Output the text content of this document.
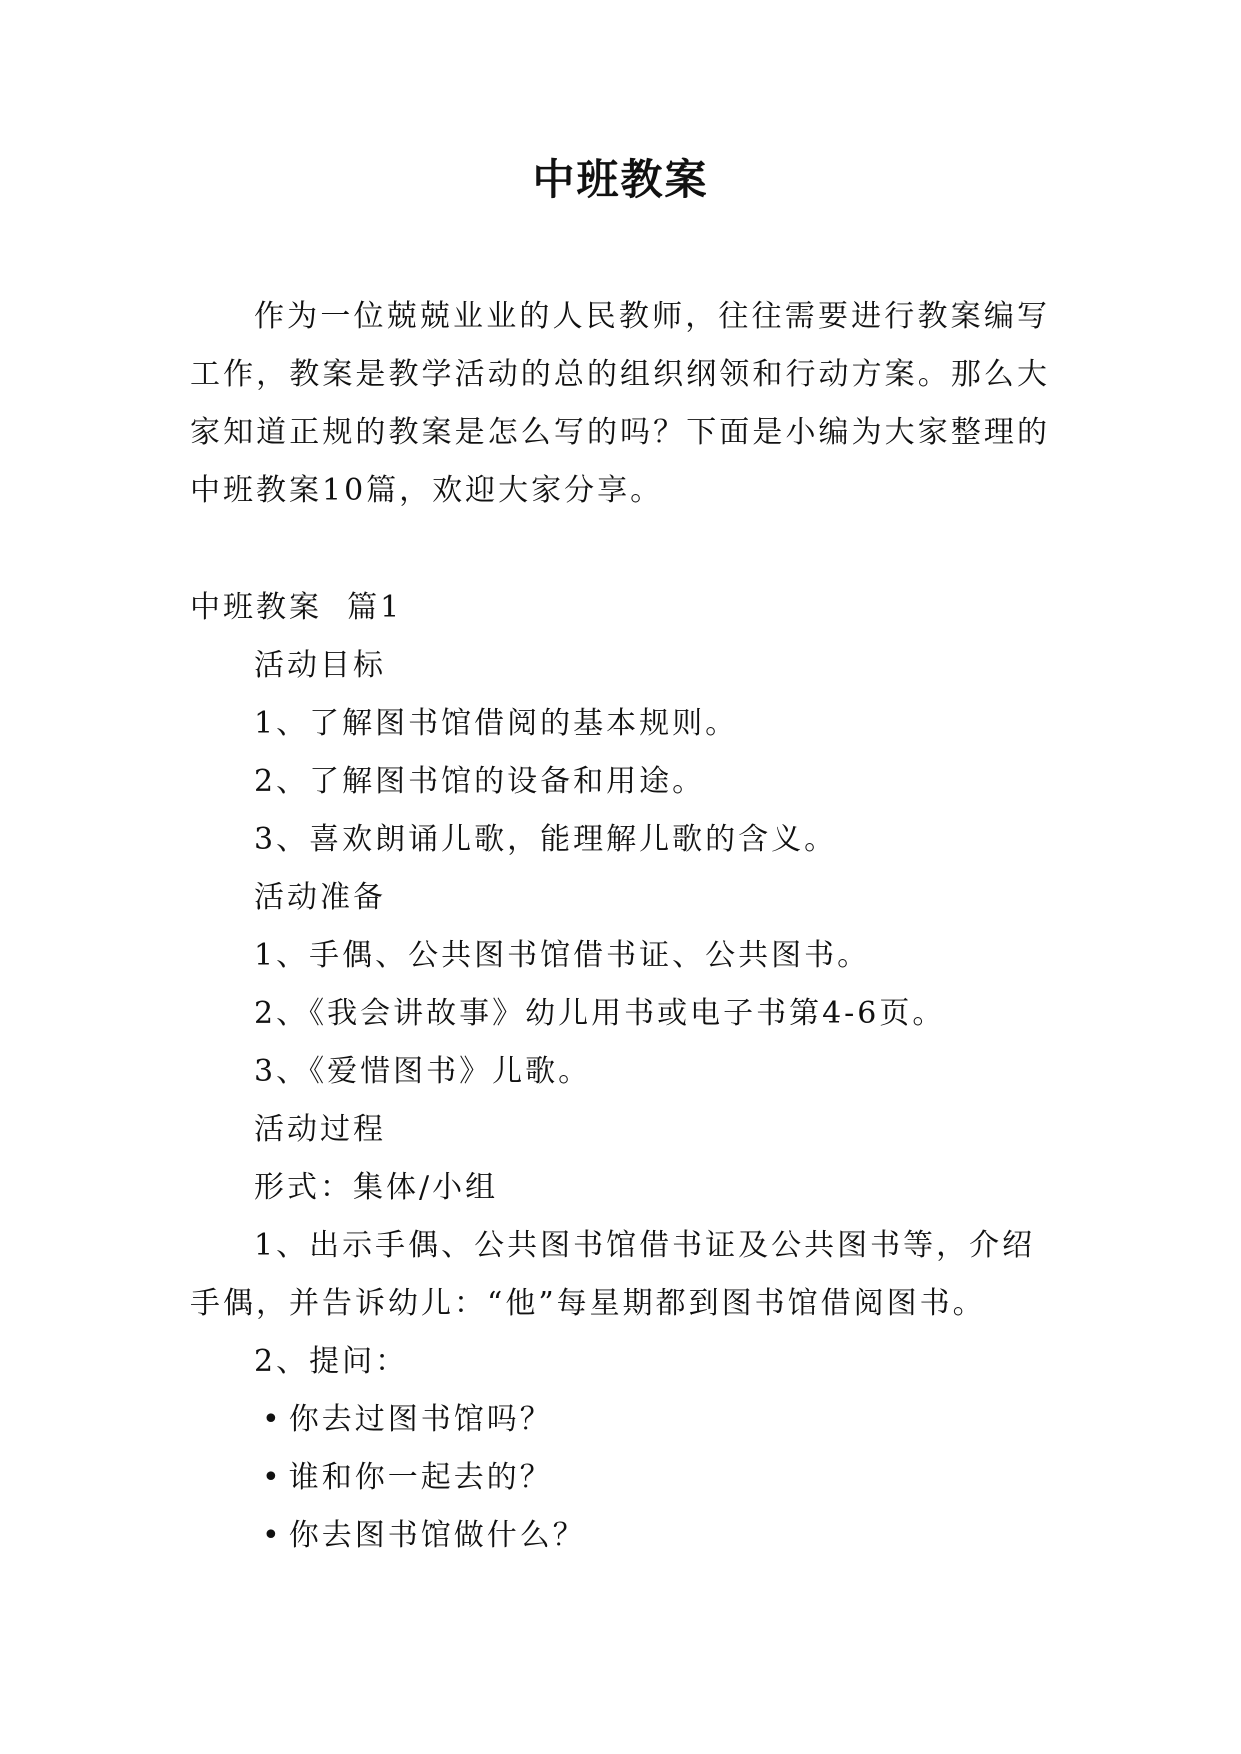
中班教案

作为一位兢兢业业的人民教师，往往需要进行教案编写工作，教案是教学活动的总的组织纲领和行动方案。那么大家知道正规的教案是怎么写的吗？下面是小编为大家整理的中班教案10篇，欢迎大家分享。

中班教案  篇1
活动目标
1、了解图书馆借阅的基本规则。
2、了解图书馆的设备和用途。
3、喜欢朗诵儿歌，能理解儿歌的含义。
活动准备
1、手偶、公共图书馆借书证、公共图书。
2、《我会讲故事》幼儿用书或电子书第4-6页。
3、《爱惜图书》儿歌。
活动过程
形式：集体/小组
1、出示手偶、公共图书馆借书证及公共图书等，介绍手偶，并告诉幼儿：“他”每星期都到图书馆借阅图书。
2、提问：
• 你去过图书馆吗？
• 谁和你一起去的？
• 你去图书馆做什么？
